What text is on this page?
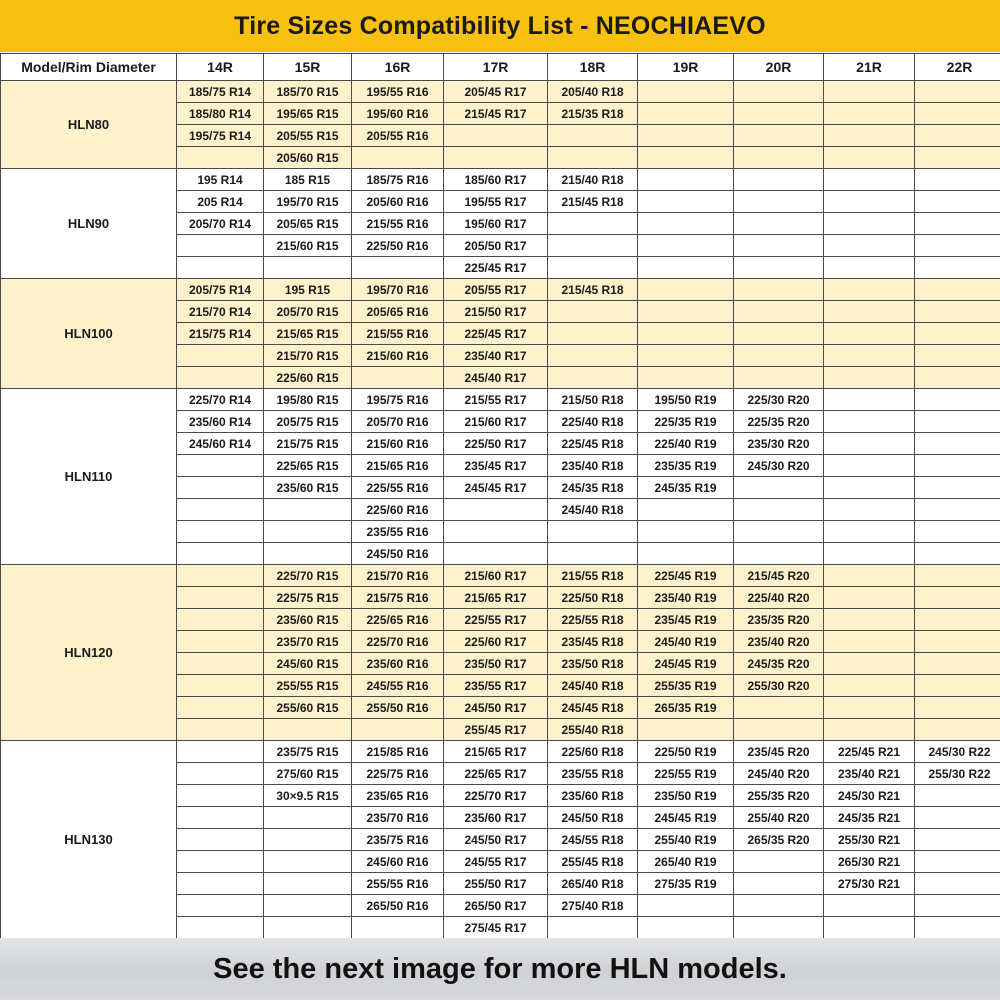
Tire Sizes Compatibility List - NEOCHIAEVO
Model/Rim Diameter	14R	15R	16R	17R	18R	19R	20R	21R	22R
HLN80	185/75 R14	185/70 R15	195/55 R16	205/45 R17	205/40 R18				
	185/80 R14	195/65 R15	195/60 R16	215/45 R17	215/35 R18				
	195/75 R14	205/55 R15	205/55 R16						
		205/60 R15							
HLN90	195 R14	185 R15	185/75 R16	185/60 R17	215/40 R18				
	205 R14	195/70 R15	205/60 R16	195/55 R17	215/45 R18				
	205/70 R14	205/65 R15	215/55 R16	195/60 R17					
		215/60 R15	225/50 R16	205/50 R17					
				225/45 R17					
HLN100	205/75 R14	195 R15	195/70 R16	205/55 R17	215/45 R18				
	215/70 R14	205/70 R15	205/65 R16	215/50 R17					
	215/75 R14	215/65 R15	215/55 R16	225/45 R17					
		215/70 R15	215/60 R16	235/40 R17					
		225/60 R15		245/40 R17					
HLN110	225/70 R14	195/80 R15	195/75 R16	215/55 R17	215/50 R18	195/50 R19	225/30 R20		
	235/60 R14	205/75 R15	205/70 R16	215/60 R17	225/40 R18	225/35 R19	225/35 R20		
	245/60 R14	215/75 R15	215/60 R16	225/50 R17	225/45 R18	225/40 R19	235/30 R20		
		225/65 R15	215/65 R16	235/45 R17	235/40 R18	235/35 R19	245/30 R20		
		235/60 R15	225/55 R16	245/45 R17	245/35 R18	245/35 R19			
			225/60 R16		245/40 R18				
			235/55 R16						
			245/50 R16						
HLN120		225/70 R15	215/70 R16	215/60 R17	215/55 R18	225/45 R19	215/45 R20		
		225/75 R15	215/75 R16	215/65 R17	225/50 R18	235/40 R19	225/40 R20		
		235/60 R15	225/65 R16	225/55 R17	225/55 R18	235/45 R19	235/35 R20		
		235/70 R15	225/70 R16	225/60 R17	235/45 R18	245/40 R19	235/40 R20		
		245/60 R15	235/60 R16	235/50 R17	235/50 R18	245/45 R19	245/35 R20		
		255/55 R15	245/55 R16	235/55 R17	245/40 R18	255/35 R19	255/30 R20		
		255/60 R15	255/50 R16	245/50 R17	245/45 R18	265/35 R19			
				255/45 R17	255/40 R18				
HLN130		235/75 R15	215/85 R16	215/65 R17	225/60 R18	225/50 R19	235/45 R20	225/45 R21	245/30 R22
		275/60 R15	225/75 R16	225/65 R17	235/55 R18	225/55 R19	245/40 R20	235/40 R21	255/30 R22
		30×9.5 R15	235/65 R16	225/70 R17	235/60 R18	235/50 R19	255/35 R20	245/30 R21	
			235/70 R16	235/60 R17	245/50 R18	245/45 R19	255/40 R20	245/35 R21	
			235/75 R16	245/50 R17	245/55 R18	255/40 R19	265/35 R20	255/30 R21	
			245/60 R16	245/55 R17	255/45 R18	265/40 R19		265/30 R21	
			255/55 R16	255/50 R17	265/40 R18	275/35 R19		275/30 R21	
			265/50 R16	265/50 R17	275/40 R18				
				275/45 R17					
See the next image for more HLN models.
